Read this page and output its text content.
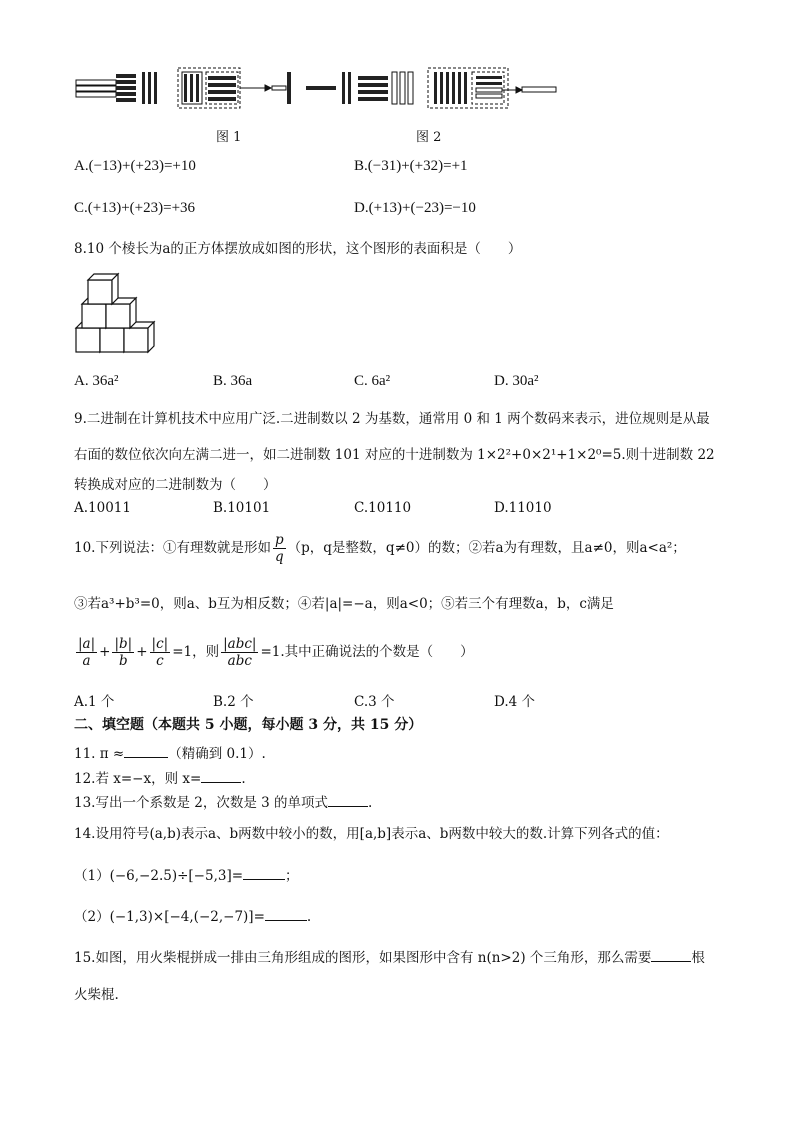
图 1	图 2
A.(−13)+(+23)=+10	B.(−31)+(+32)=+1
C.(+13)+(+23)=+36	D.(+13)+(−23)=−10
8.10 个棱长为a的正方体摆放成如图的形状，这个图形的表面积是（　　）
A. 36a²	B. 36a	C. 6a²	D. 30a²
9.二进制在计算机技术中应用广泛.二进制数以 2 为基数，通常用 0 和 1 两个数码来表示，进位规则是从最
右面的数位依次向左满二进一，如二进制数 101 对应的十进制数为 1×2²+0×2¹+1×2⁰=5.则十进制数 22
转换成对应的二进制数为（　　）
A.10011	B.10101	C.10110	D.11010
10.下列说法：①有理数就是形如 $\frac{p}{q} (p$，q是整数，q≠0）的数；②若a为有理数，且a≠0，则a<a²；
③若a³+b³=0，则a、b互为相反数；④若|a|=−a，则a<0；⑤若三个有理数a，b，c满足
$\frac{|a|}{a} + \frac{|b|}{b} + \frac{|c|}{c} =1$，则 $\frac{\text{|abc|}}{\text{abc}} =1$.其中正确说法的个数是（　　）
A.1 个	B.2 个	C.3 个	D.4 个
二、填空题（本题共 5 小题，每小题 3 分，共 15 分）
11. π ≈	（精确到 0.1）.
12.若 x=−x，则 x=	.
13.写出一个系数是 2，次数是 3 的单项式	.
14.设用符号(a,b)表示a、b两数中较小的数，用[a,b]表示a、b两数中较大的数.计算下列各式的值：
（1）(−6,−2.5)÷[−5,3]=	；
（2）(−1,3)×[−4,(−2,−7)]=	.
15.如图，用火柴棍拼成一排由三角形组成的图形，如果图形中含有 n(n>2) 个三角形，那么需要	根
火柴棍.
